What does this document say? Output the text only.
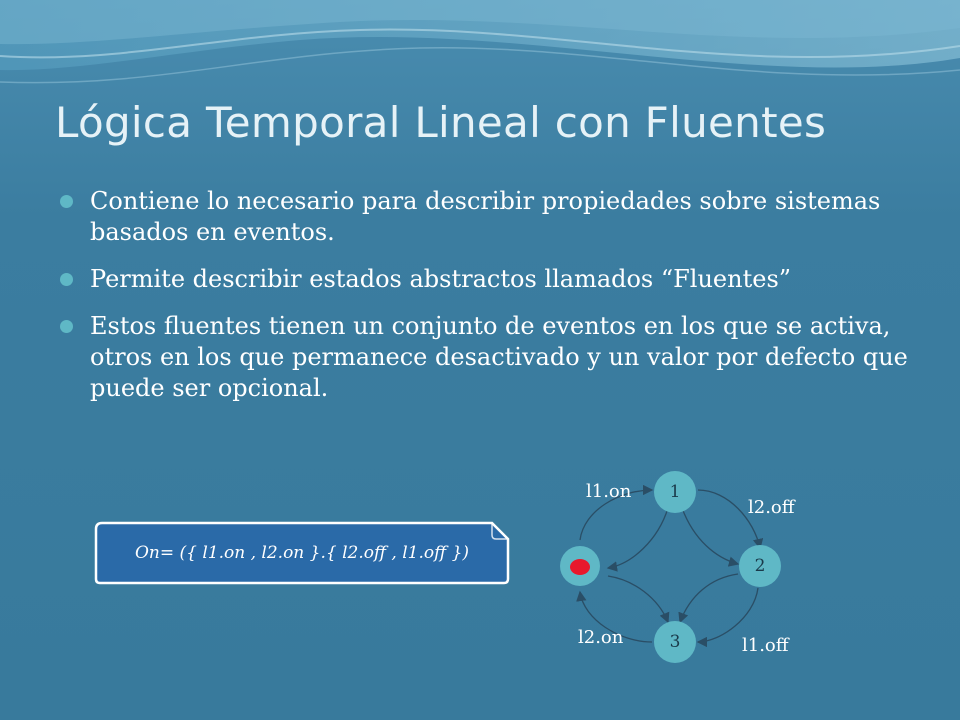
Lógica Temporal Lineal con Fluentes
Contiene lo necesario para describir propiedades sobre sistemas basados en eventos.
Permite describir estados abstractos llamados “Fluentes”
Estos fluentes tienen un conjunto de eventos en los que se activa, otros en los que permanece desactivado y un valor por defecto que puede ser opcional.
On= ({ l1.on , l2.on }.{ l2.off , l1.off })
1
2
3
l1.on
l2.off
l2.on	l1.off
